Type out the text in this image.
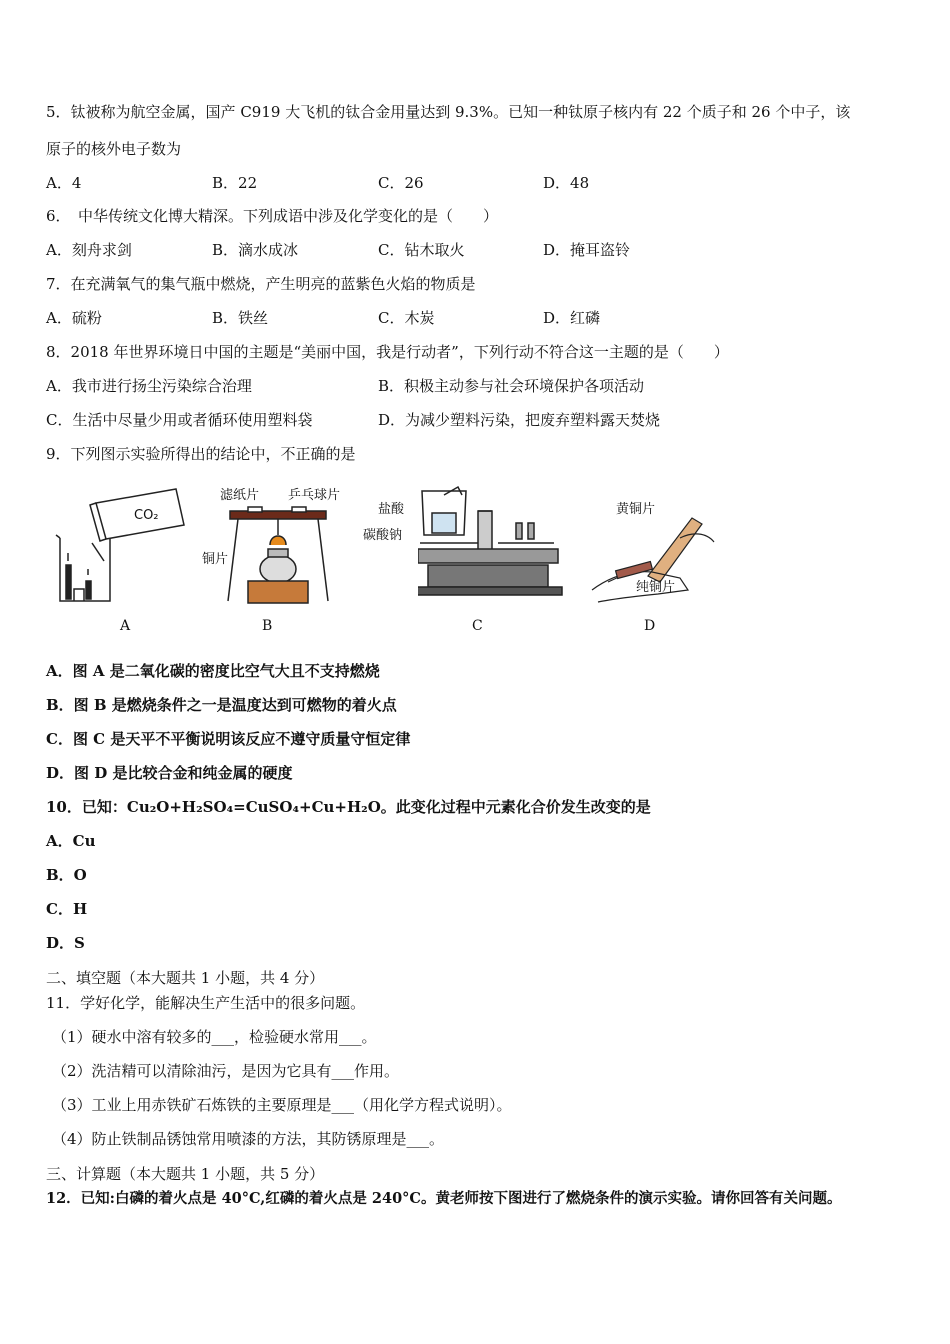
5．钛被称为航空金属，国产 C919 大飞机的钛合金用量达到 9.3%。已知一种钛原子核内有 22 个质子和 26 个中子，该
原子的核外电子数为
A．4	B．22	C．26	D．48
6．　中华传统文化博大精深。下列成语中涉及化学变化的是（　　）
A．刻舟求剑	B．滴水成冰	C．钻木取火	D．掩耳盗铃
7．在充满氧气的集气瓶中燃烧，产生明亮的蓝紫色火焰的物质是
A．硫粉	B．铁丝	C．木炭	D．红磷
8．2018 年世界环境日中国的主题是“美丽中国，我是行动者”，下列行动不符合这一主题的是（　　）
A．我市进行扬尘污染综合治理	B．积极主动参与社会环境保护各项活动
C．生活中尽量少用或者循环使用塑料袋	D．为减少塑料污染，把废弃塑料露天焚烧
9．下列图示实验所得出的结论中，不正确的是
CO₂
滤纸片 乒乓球片
铜片
盐酸
碳酸钠
黄铜片
纯铜片
A	B	C	D
A．图 A 是二氧化碳的密度比空气大且不支持燃烧
B．图 B 是燃烧条件之一是温度达到可燃物的着火点
C．图 C 是天平不平衡说明该反应不遵守质量守恒定律
D．图 D 是比较合金和纯金属的硬度
10．已知：Cu₂O+H₂SO₄=CuSO₄+Cu+H₂O。此变化过程中元素化合价发生改变的是
A．Cu
B．O
C．H
D．S
二、填空题（本大题共 1 小题，共 4 分）
11．学好化学，能解决生产生活中的很多问题。
（1）硬水中溶有较多的___，检验硬水常用___。
（2）洗洁精可以清除油污，是因为它具有___作用。
（3）工业上用赤铁矿石炼铁的主要原理是___（用化学方程式说明）。
（4）防止铁制品锈蚀常用喷漆的方法，其防锈原理是___。
三、计算题（本大题共 1 小题，共 5 分）
12．已知:白磷的着火点是 40°C,红磷的着火点是 240°C。黄老师按下图进行了燃烧条件的演示实验。请你回答有关问题。
